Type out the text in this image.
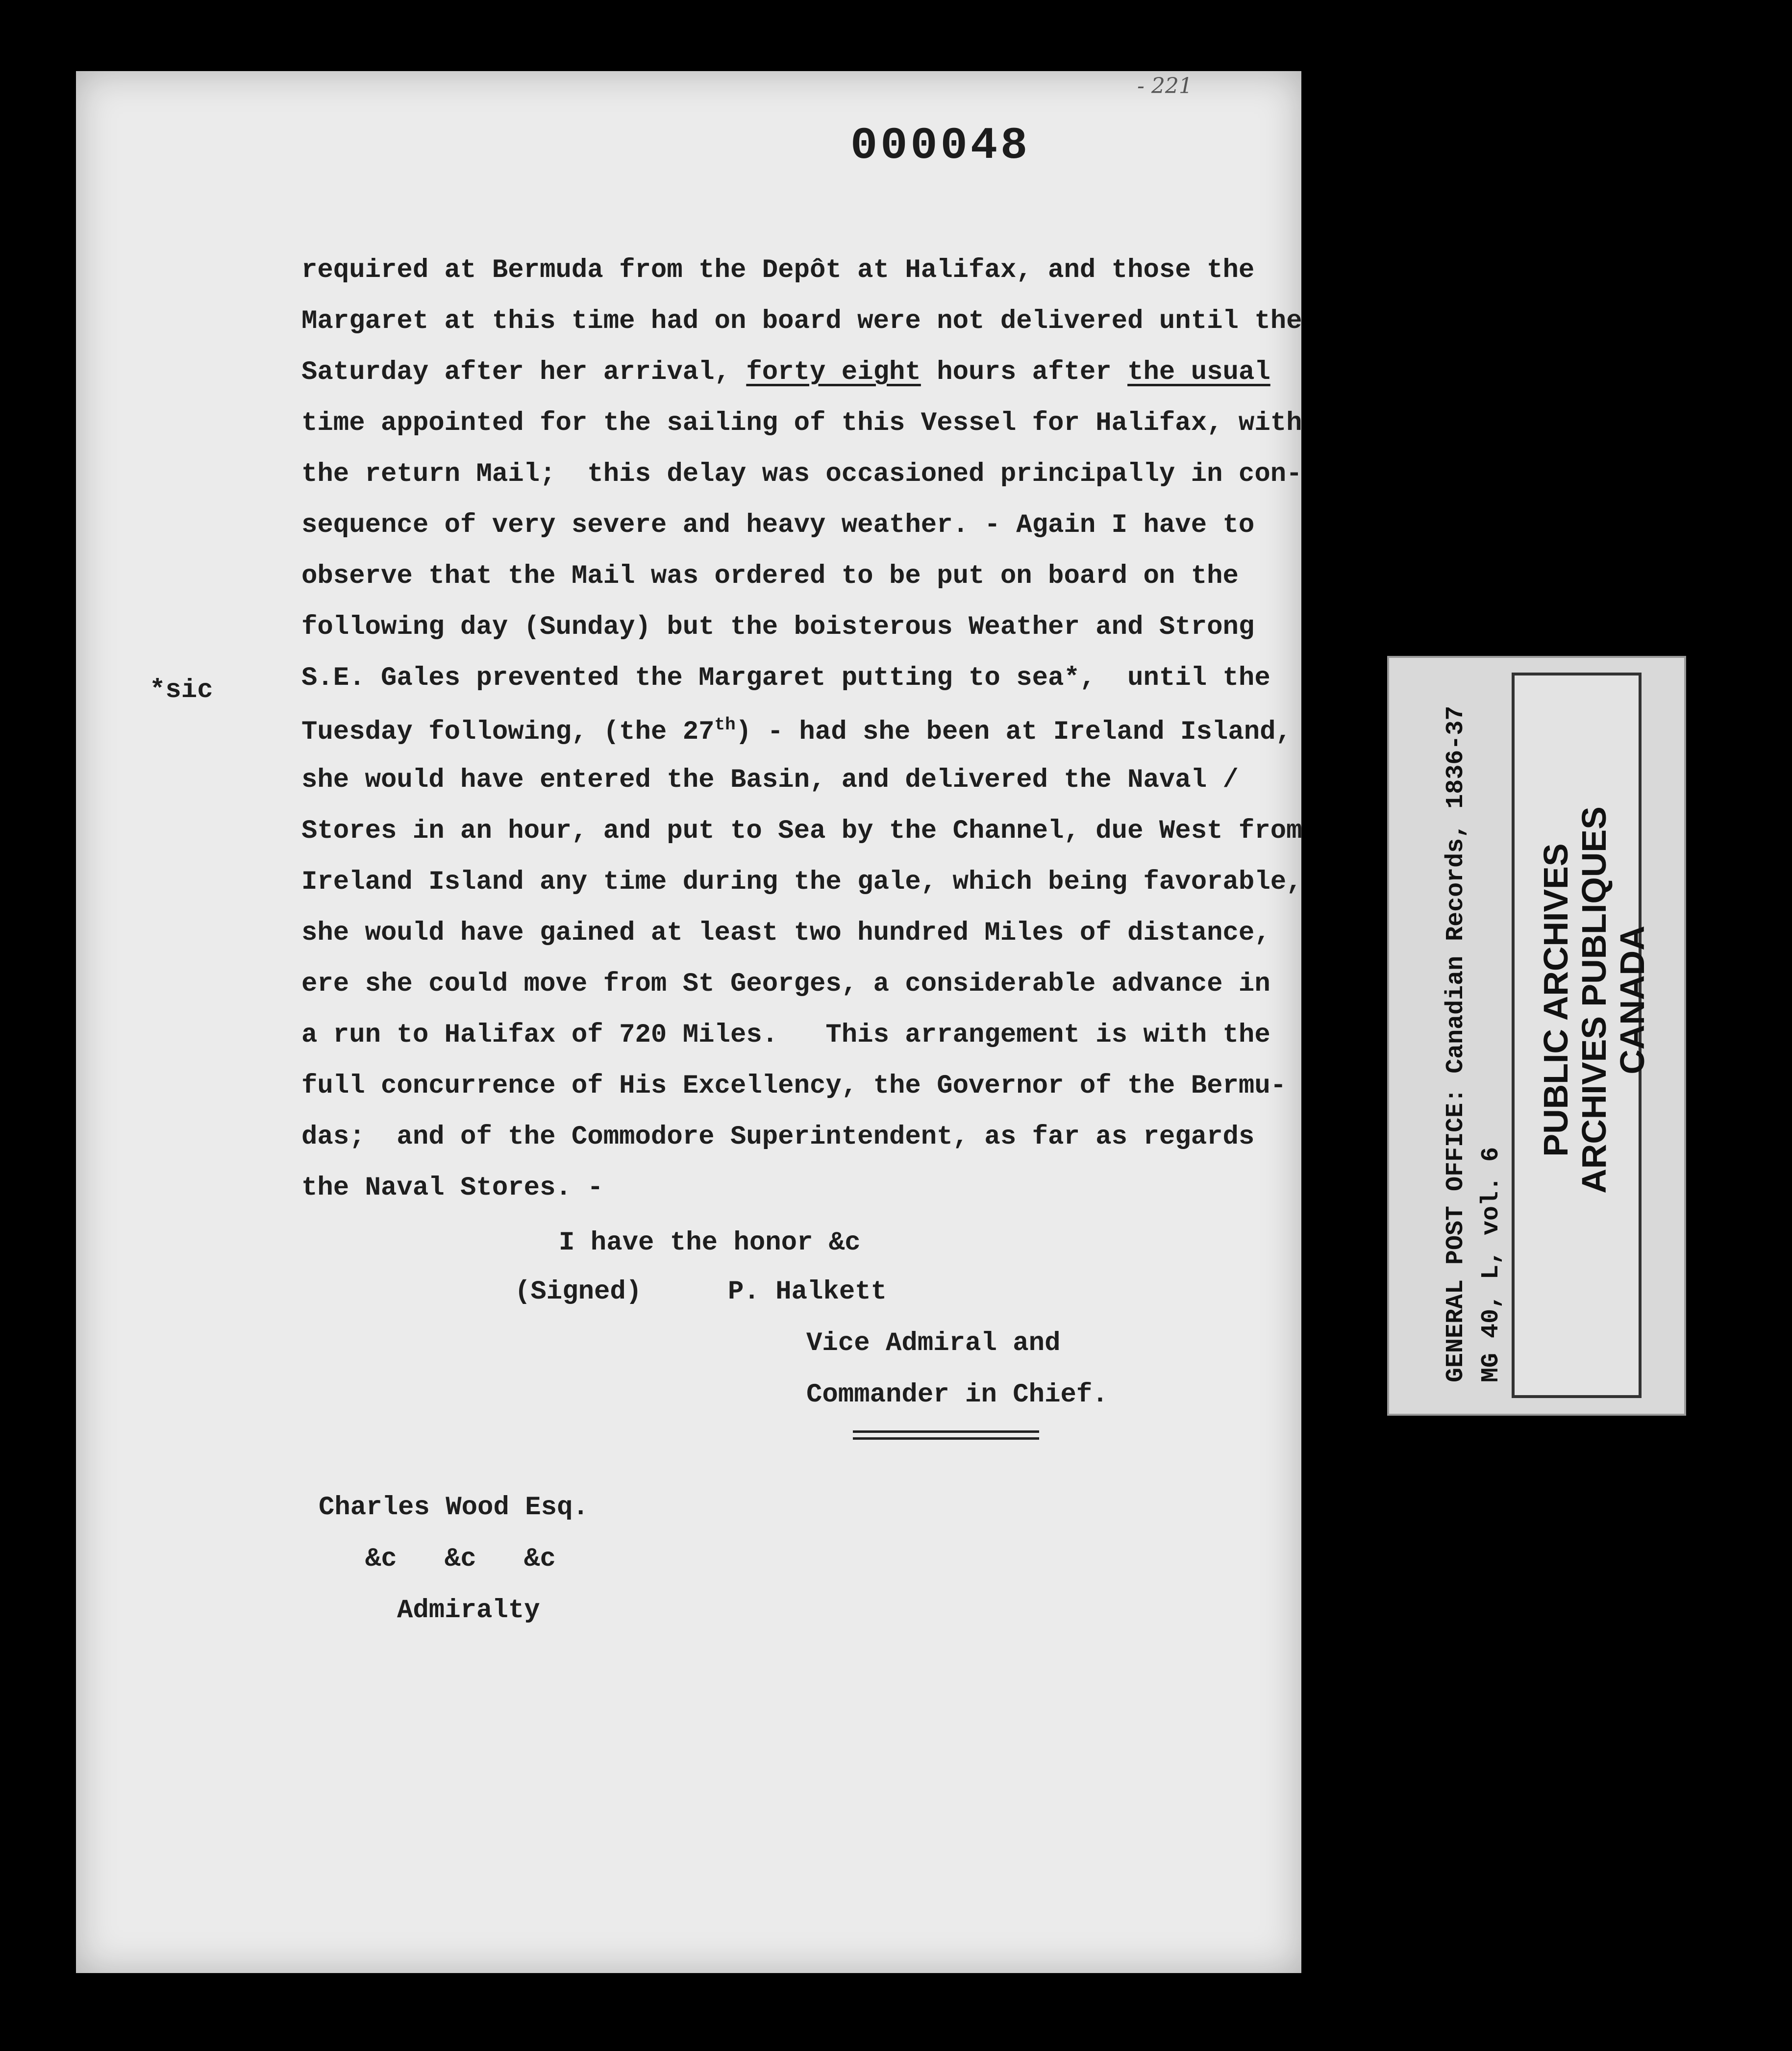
- 221
000048
*sic
required at Bermuda from the Depôt at Halifax, and those the
Margaret at this time had on board were not delivered until the
Saturday after her arrival, forty eight hours after the usual
time appointed for the sailing of this Vessel for Halifax, with
the return Mail;  this delay was occasioned principally in con-
sequence of very severe and heavy weather. - Again I have to
observe that the Mail was ordered to be put on board on the
following day (Sunday) but the boisterous Weather and Strong
S.E. Gales prevented the Margaret putting to sea*,  until the
Tuesday following, (the 27th) - had she been at Ireland Island,
she would have entered the Basin, and delivered the Naval /
Stores in an hour, and put to Sea by the Channel, due West from
Ireland Island any time during the gale, which being favorable,
she would have gained at least two hundred Miles of distance,
ere she could move from St Georges, a considerable advance in
a run to Halifax of 720 Miles.   This arrangement is with the
full concurrence of His Excellency, the Governor of the Bermu-
das;  and of the Commodore Superintendent, as far as regards
the Naval Stores. -
I have the honor &c
(Signed)	P. Halkett
Vice Admiral and
Commander in Chief.
Charles Wood Esq.
&c   &c   &c
Admiralty
GENERAL POST OFFICE: Canadian Records, 1836-37 MG 40, L, vol. 6
PUBLIC ARCHIVES ARCHIVES PUBLIQUES CANADA
